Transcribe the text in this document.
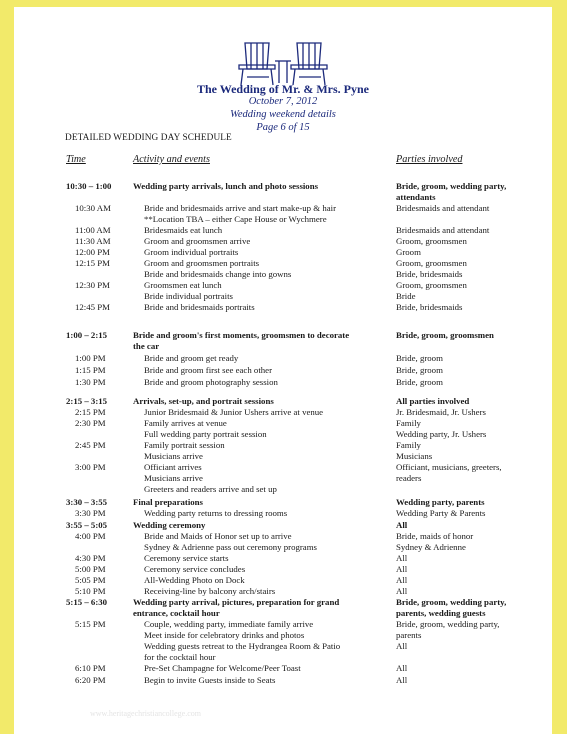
The Wedding of Mr. & Mrs. Pyne
October 7, 2012
Wedding weekend details
Page 6 of 15
DETAILED WEDDING DAY SCHEDULE
Time	Activity and events	Parties involved
10:30 – 1:00 Wedding party arrivals, lunch and photo sessions	Bride, groom, wedding party,
attendants
10:30 AM	Bride and bridesmaids arrive and start make-up & hair	Bridesmaids and attendant
**Location TBA – either Cape House or Wychmere
11:00 AM	Bridesmaids eat lunch	Bridesmaids and attendant
11:30 AM	Groom and groomsmen arrive	Groom, groomsmen
12:00 PM	Groom individual portraits	Groom
12:15 PM	Groom and groomsmen portraits	Groom, groomsmen
Bride and bridesmaids change into gowns	Bride, bridesmaids
12:30 PM	Groomsmen eat lunch	Groom, groomsmen
Bride individual portraits	Bride
12:45 PM	Bride and bridesmaids portraits	Bride, bridesmaids
1:00 – 2:15	Bride and groom's first moments, groomsmen to decorate	Bride, groom, groomsmen
the car
1:00 PM	Bride and groom get ready	Bride, groom
1:15 PM	Bride and groom first see each other	Bride, groom
1:30 PM	Bride and groom photography session	Bride, groom
2:15 – 3:15	Arrivals, set-up, and portrait sessions	All parties involved
2:15 PM	Junior Bridesmaid & Junior Ushers arrive at venue	Jr. Bridesmaid, Jr. Ushers
2:30 PM	Family arrives at venue	Family
Full wedding party portrait session	Wedding party, Jr. Ushers
2:45 PM	Family portrait session	Family
Musicians arrive	Musicians
3:00 PM	Officiant arrives	Officiant, musicians, greeters,
Musicians arrive	readers
Greeters and readers arrive and set up
3:30 – 3:55	Final preparations	Wedding party, parents
3:30 PM	Wedding party returns to dressing rooms	Wedding Party & Parents
3:55 – 5:05	Wedding ceremony	All
4:00 PM	Bride and Maids of Honor set up to arrive	Bride, maids of honor
Sydney & Adrienne pass out ceremony programs	Sydney & Adrienne
4:30 PM	Ceremony service starts	All
5:00 PM	Ceremony service concludes	All
5:05 PM	All-Wedding Photo on Dock	All
5:10 PM	Receiving-line by balcony arch/stairs	All
5:15 – 6:30	Wedding party arrival, pictures, preparation for grand	Bride, groom, wedding party,
entrance, cocktail hour	parents, wedding guests
5:15 PM	Couple, wedding party, immediate family arrive	Bride, groom, wedding party,
Meet inside for celebratory drinks and photos	parents
Wedding guests retreat to the Hydrangea Room & Patio	All
for the cocktail hour
6:10 PM	Pre-Set Champagne for Welcome/Peer Toast	All
6:20 PM	Begin to invite Guests inside to Seats	All
www.heritagechristiancollege.com
